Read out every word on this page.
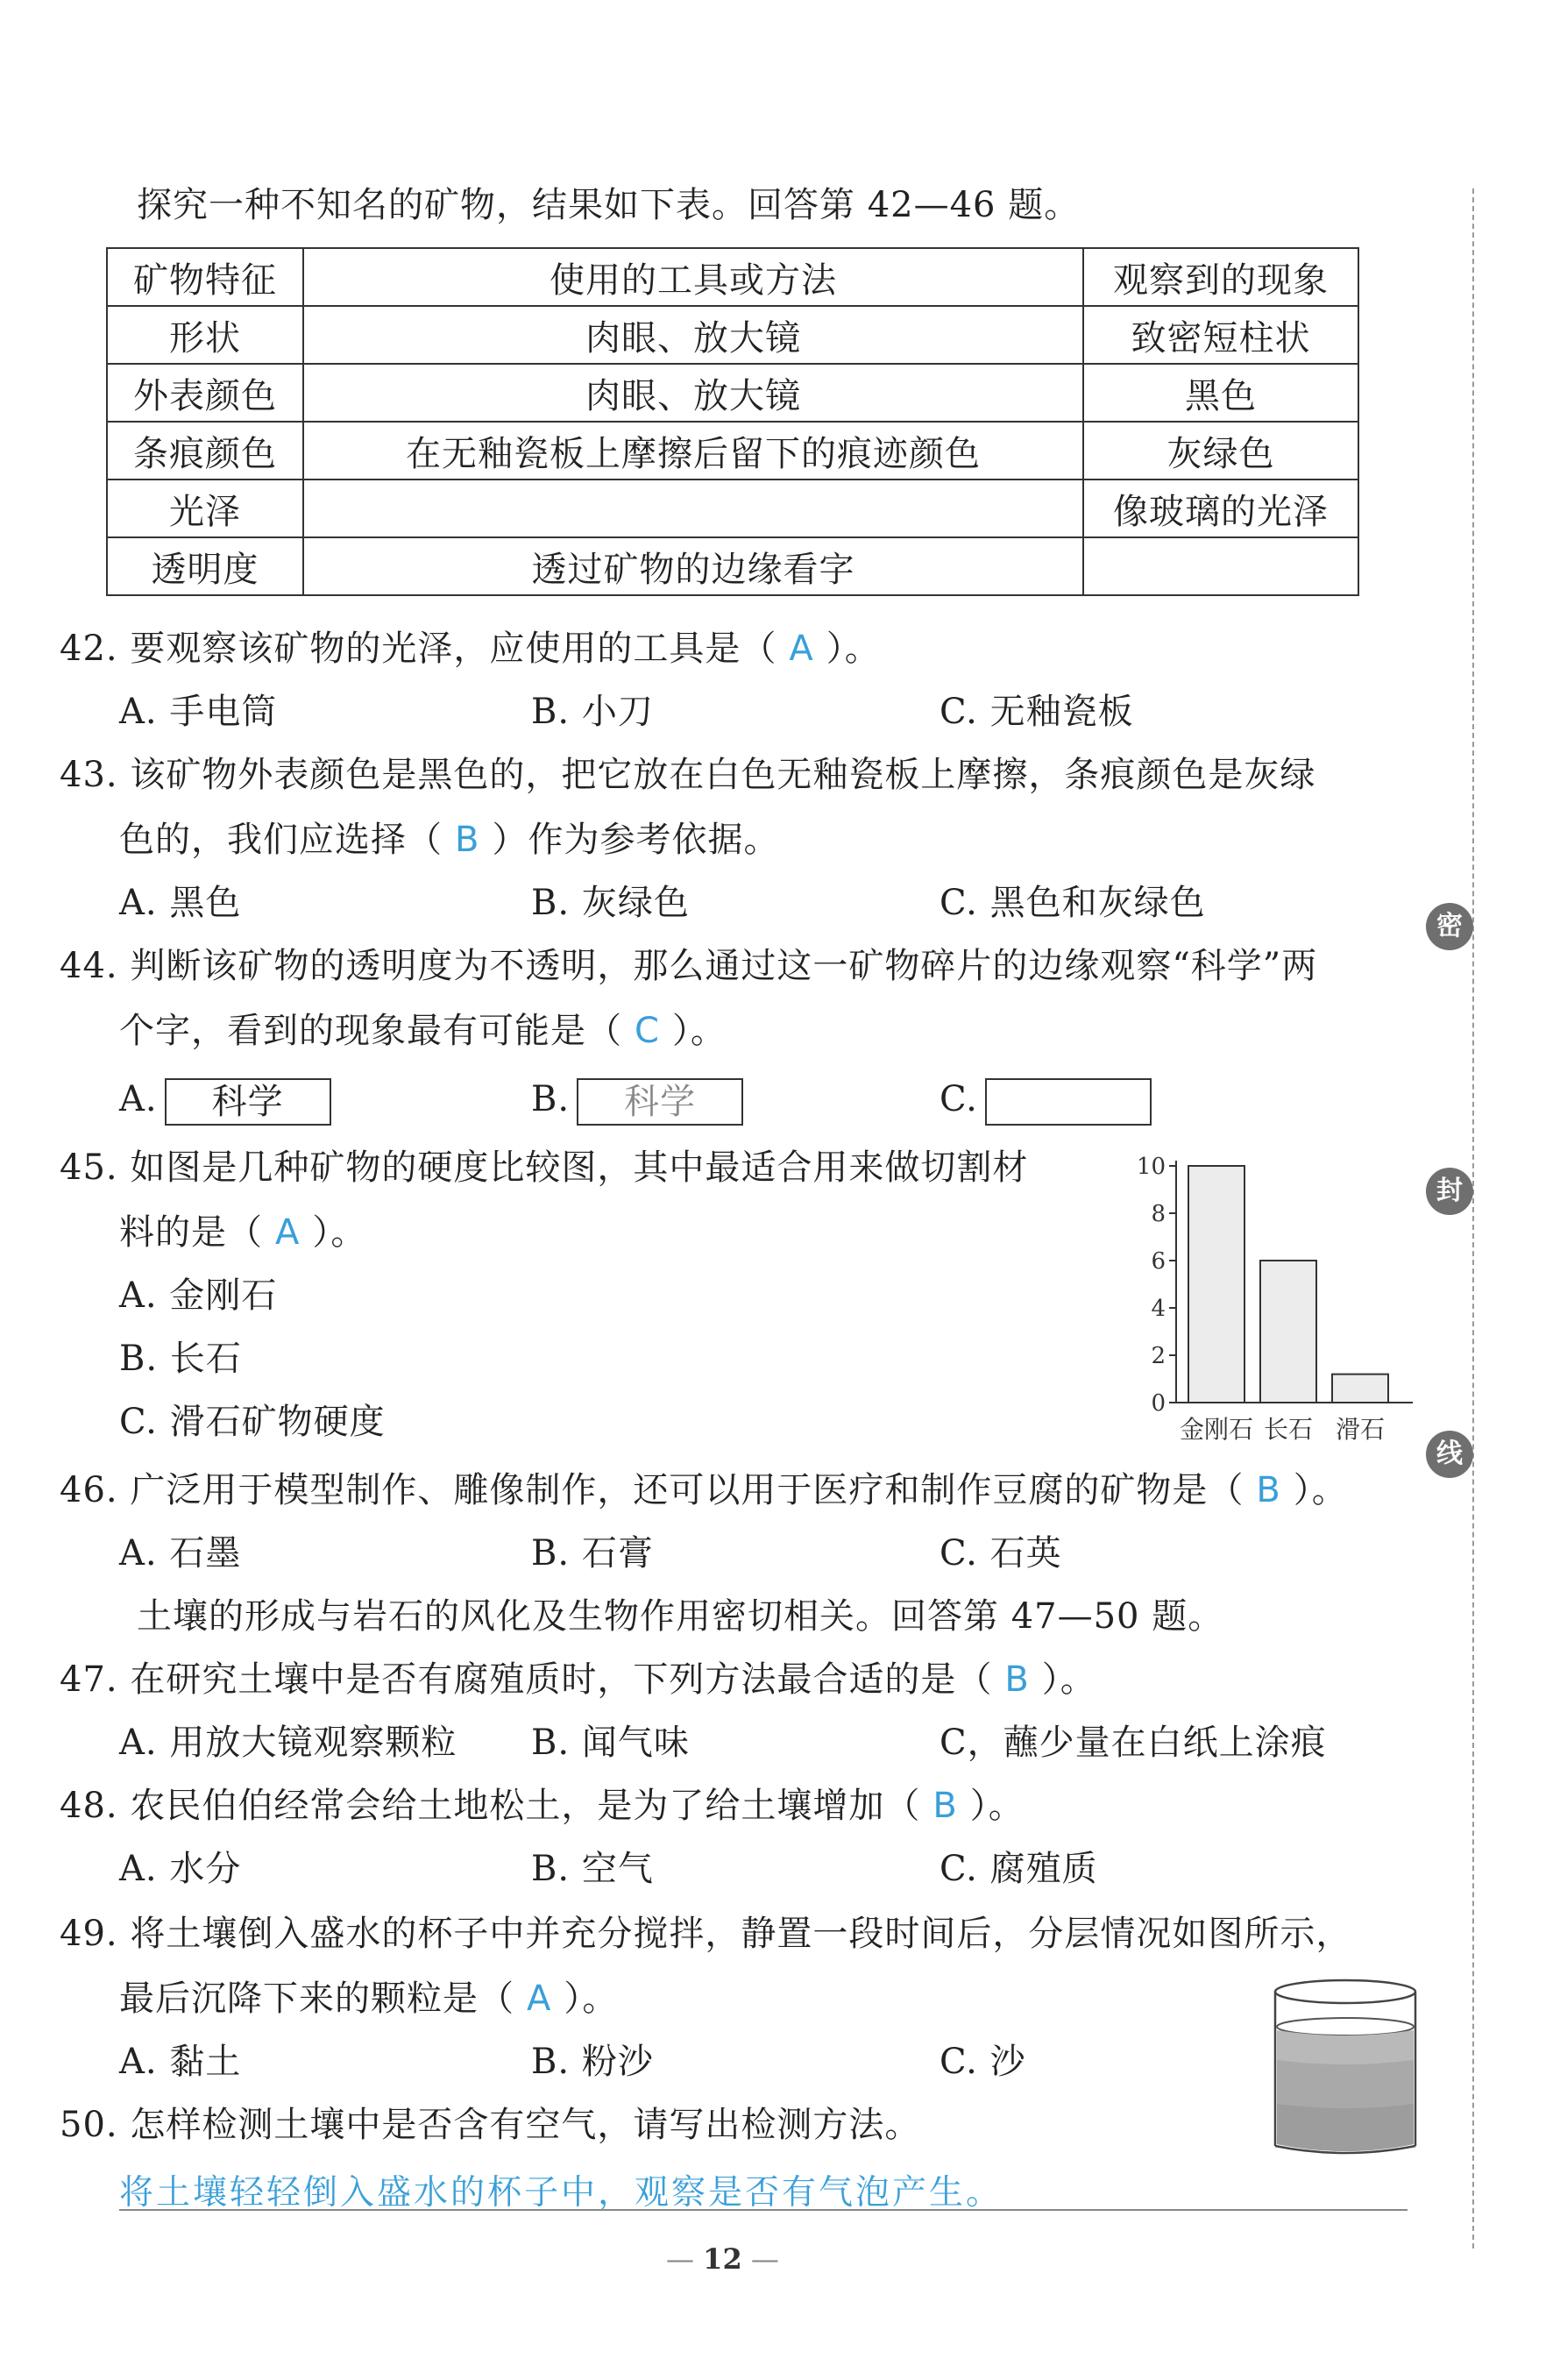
探究一种不知名的矿物，结果如下表。回答第 42—46 题。
矿物特征	使用的工具或方法	观察到的现象
形状	肉眼、放大镜	致密短柱状
外表颜色	肉眼、放大镜	黑色
条痕颜色	在无釉瓷板上摩擦后留下的痕迹颜色	灰绿色
光泽		像玻璃的光泽
透明度	透过矿物的边缘看字	
42. 要观察该矿物的光泽，应使用的工具是（ A ）。
A. 手电筒	B. 小刀	C. 无釉瓷板
43. 该矿物外表颜色是黑色的，把它放在白色无釉瓷板上摩擦，条痕颜色是灰绿
色的，我们应选择（ B ）作为参考依据。
A. 黑色	B. 灰绿色	C. 黑色和灰绿色
44. 判断该矿物的透明度为不透明，那么通过这一矿物碎片的边缘观察“科学”两
个字，看到的现象最有可能是（ C ）。
A. 科学	B. 科学	C.
45. 如图是几种矿物的硬度比较图，其中最适合用来做切割材
料的是（ A ）。
A. 金刚石
B. 长石
C. 滑石矿物硬度	0
2
4
6
8
10
金刚石 长石 滑石
46. 广泛用于模型制作、雕像制作，还可以用于医疗和制作豆腐的矿物是（ B ）。
A. 石墨	B. 石膏	C. 石英
土壤的形成与岩石的风化及生物作用密切相关。回答第 47—50 题。
47. 在研究土壤中是否有腐殖质时，下列方法最合适的是（ B ）。
A. 用放大镜观察颗粒 B. 闻气味	C，蘸少量在白纸上涂痕
48. 农民伯伯经常会给土地松土，是为了给土壤增加（ B ）。
A. 水分	B. 空气	C. 腐殖质
49. 将土壤倒入盛水的杯子中并充分搅拌，静置一段时间后，分层情况如图所示，
最后沉降下来的颗粒是（ A ）。
A. 黏土	B. 粉沙	C. 沙
50. 怎样检测土壤中是否含有空气，请写出检测方法。
将土壤轻轻倒入盛水的杯子中，观察是否有气泡产生。
— 12 —
密
封
线
